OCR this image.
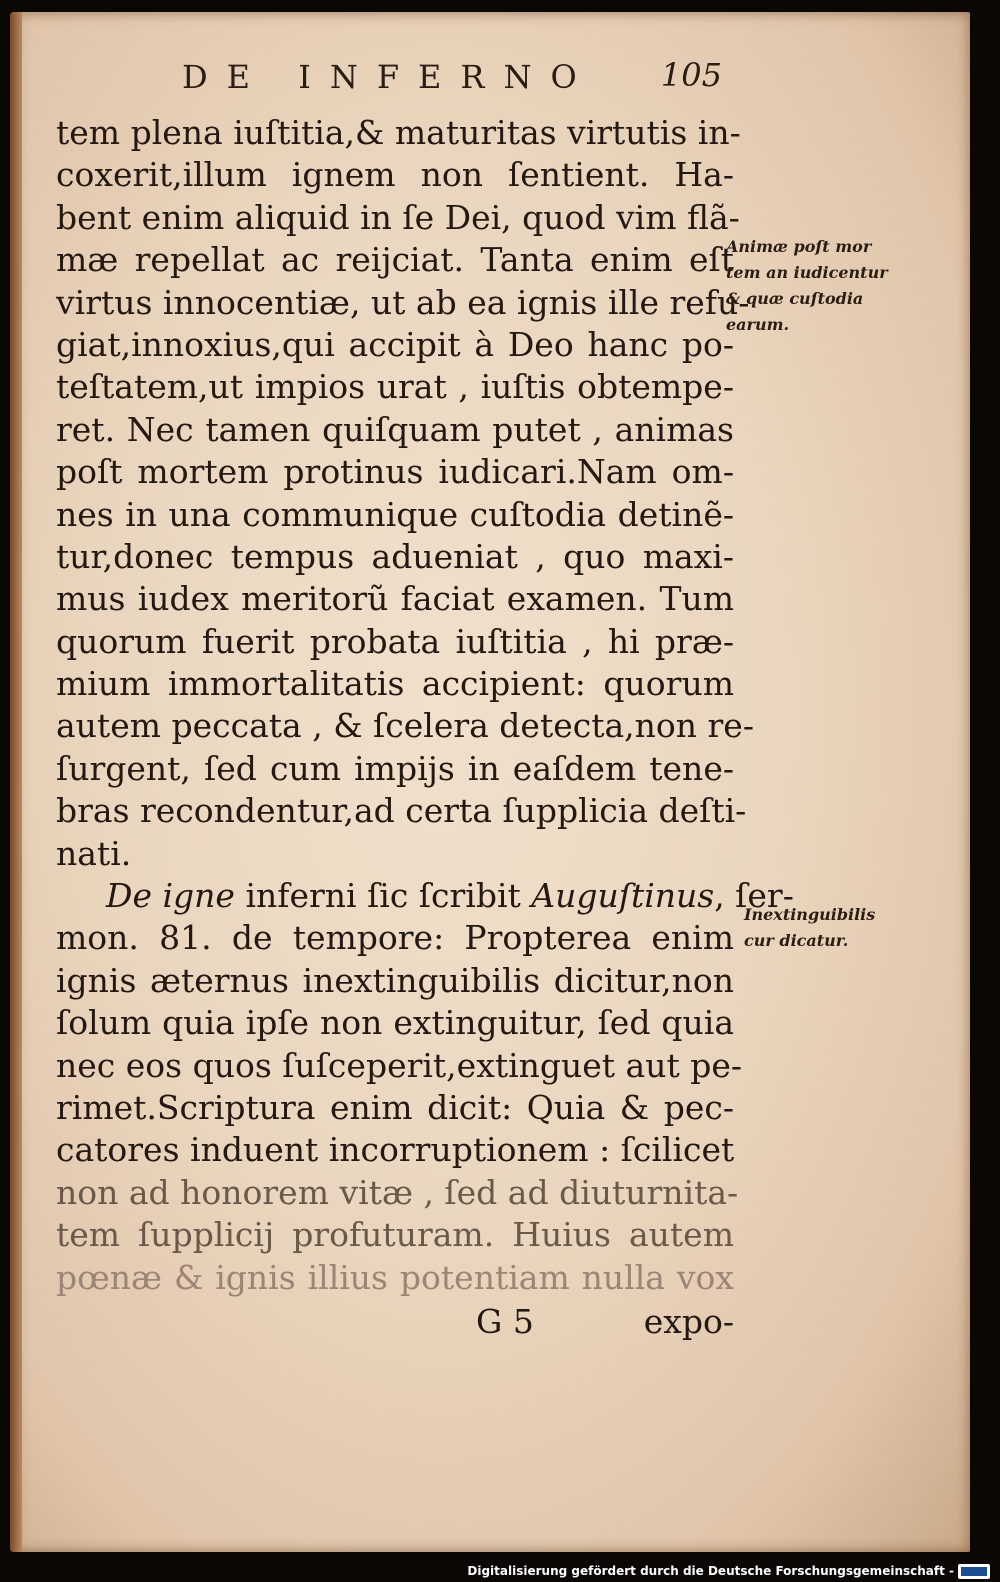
DE INFERNO 105
tem plena iuſtitia,& maturitas virtutis in-
coxerit,illum ignem non ſentient. Ha-
bent enim aliquid in ſe Dei, quod vim flã-
mæ repellat ac reijciat. Tanta enim eſt
virtus innocentiæ, ut ab ea ignis ille refu-
giat,innoxius,qui accipit à Deo hanc po-
teſtatem,ut impios urat , iuſtis obtempe-
ret. Nec tamen quiſquam putet , animas
poſt mortem protinus iudicari.Nam om-
nes in una communique cuſtodia detinẽ-
tur,donec tempus adueniat , quo maxi-
mus iudex meritorũ faciat examen. Tum
quorum fuerit probata iuſtitia , hi præ-
mium immortalitatis accipient: quorum
autem peccata , & ſcelera detecta,non re-
ſurgent, ſed cum impijs in eaſdem tene-
bras recondentur,ad certa ſupplicia deſti-
nati.
De igne inferni ſic ſcribit Auguſtinus, ſer-
mon. 81. de tempore: Propterea enim
ignis æternus inextinguibilis dicitur,non
ſolum quia ipſe non extinguitur, ſed quia
nec eos quos ſuſceperit,extinguet aut pe-
rimet.Scriptura enim dicit: Quia & pec-
catores induent incorruptionem : ſcilicet
non ad honorem vitæ , ſed ad diuturnita-
tem ſupplicij profuturam. Huius autem
pœnæ & ignis illius potentiam nulla vox
G 5	expo-
Animæ poſt mor
tem an iudicentur
& quæ cuſtodia
earum.
Inextinguibilis
cur dicatur.
Digitalisierung gefördert durch die Deutsche Forschungsgemeinschaft -
